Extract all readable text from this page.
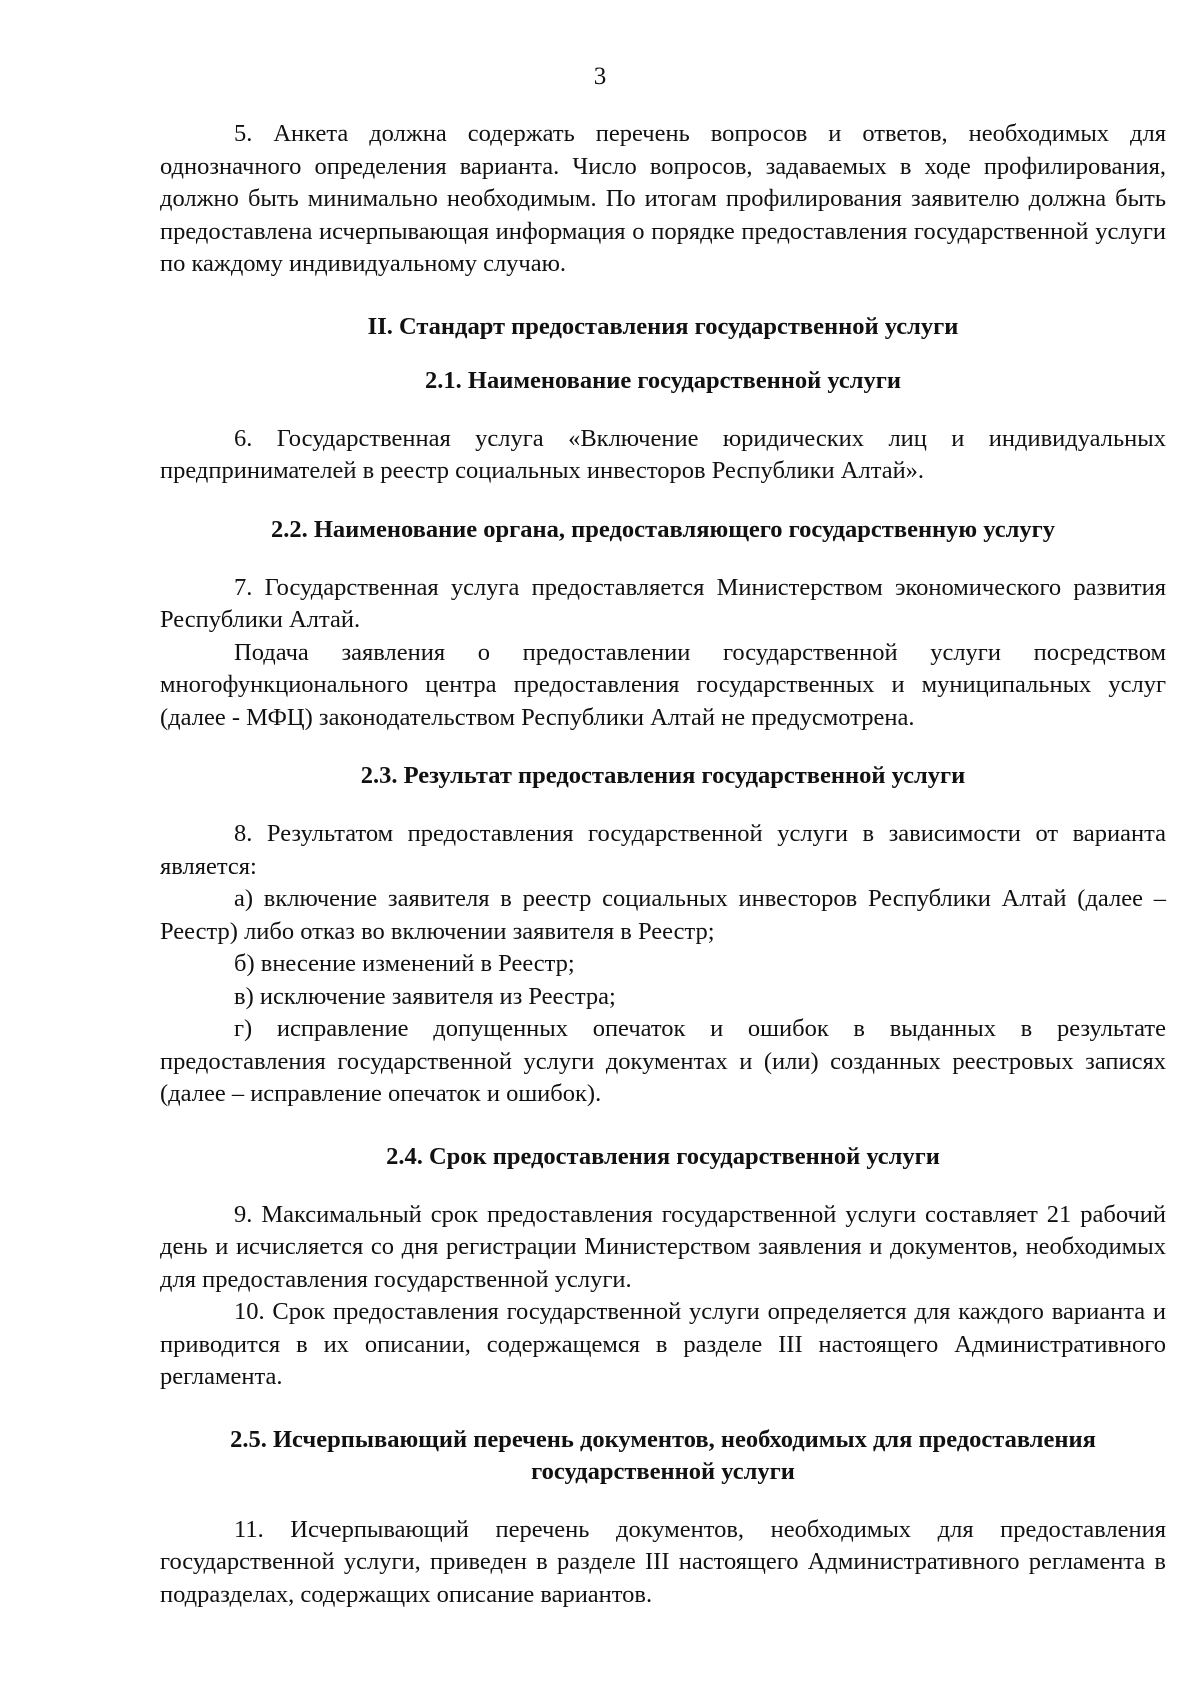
3

5. Анкета должна содержать перечень вопросов и ответов, необходимых для однозначного определения варианта. Число вопросов, задаваемых в ходе профилирования, должно быть минимально необходимым. По итогам профилирования заявителю должна быть предоставлена исчерпывающая информация о порядке предоставления государственной услуги по каждому индивидуальному случаю.

II. Стандарт предоставления государственной услуги
2.1. Наименование государственной услуги

6. Государственная услуга «Включение юридических лиц и индивидуальных предпринимателей в реестр социальных инвесторов Республики Алтай».

2.2. Наименование органа, предоставляющего государственную услугу

7. Государственная услуга предоставляется Министерством экономического развития Республики Алтай.

Подача заявления о предоставлении государственной услуги посредством многофункционального центра предоставления государственных и муниципальных услуг (далее - МФЦ) законодательством Республики Алтай не предусмотрена.

2.3. Результат предоставления государственной услуги

8. Результатом предоставления государственной услуги в зависимости от варианта является:

а) включение заявителя в реестр социальных инвесторов Республики Алтай (далее – Реестр) либо отказ во включении заявителя в Реестр;

б) внесение изменений в Реестр;

в) исключение заявителя из Реестра;

г) исправление допущенных опечаток и ошибок в выданных в результате предоставления государственной услуги документах и (или) созданных реестровых записях (далее – исправление опечаток и ошибок).

2.4. Срок предоставления государственной услуги

9. Максимальный срок предоставления государственной услуги составляет 21 рабочий день и исчисляется со дня регистрации Министерством заявления и документов, необходимых для предоставления государственной услуги.

10. Срок предоставления государственной услуги определяется для каждого варианта и приводится в их описании, содержащемся в разделе III настоящего Административного регламента.

2.5. Исчерпывающий перечень документов, необходимых для предоставления государственной услуги

11. Исчерпывающий перечень документов, необходимых для предоставления государственной услуги, приведен в разделе III настоящего Административного регламента в подразделах, содержащих описание вариантов.
